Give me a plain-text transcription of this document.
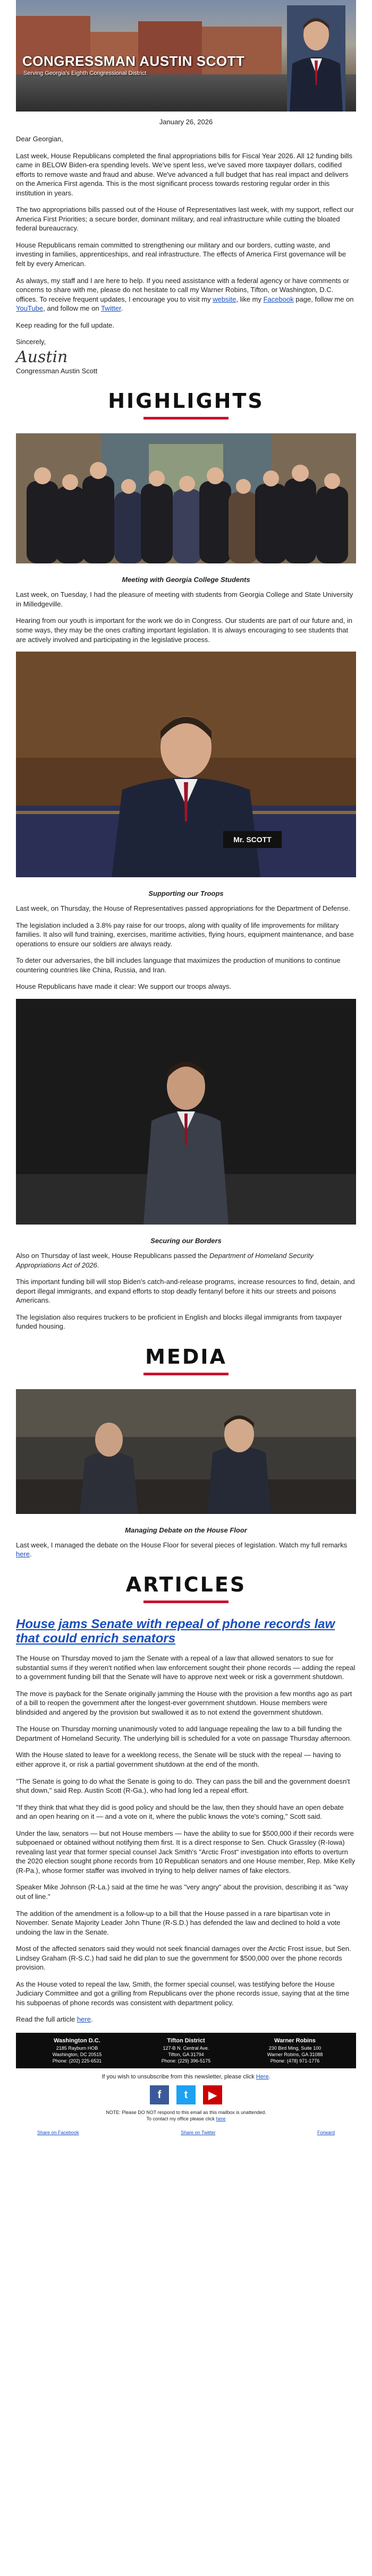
CONGRESSMAN AUSTIN SCOTT
Serving Georgia's Eighth Congressional District
January 26, 2026

Dear Georgian,

Last week, House Republicans completed the final appropriations bills for Fiscal Year 2026. All 12 funding bills came in BELOW Biden-era spending levels. We've spent less, we've saved more taxpayer dollars, codified efforts to remove waste and fraud and abuse. We've advanced a full budget that has real impact and delivers on the America First agenda. This is the most significant process towards restoring regular order in this institution in years.

The two appropriations bills passed out of the House of Representatives last week, with my support, reflect our America First Priorities; a secure border, dominant military, and real infrastructure while cutting the bloated federal bureaucracy.

House Republicans remain committed to strengthening our military and our borders, cutting waste, and investing in families, apprenticeships, and real infrastructure. The effects of America First governance will be felt by every American.

As always, my staff and I are here to help. If you need assistance with a federal agency or have comments or concerns to share with me, please do not hesitate to call my Warner Robins, Tifton, or Washington, D.C. offices. To receive frequent updates, I encourage you to visit my website, like my Facebook page, follow me on YouTube, and follow me on Twitter.

Keep reading for the full update.

Sincerely,

Austin

Congressman Austin Scott

HIGHLIGHTS
Meeting with Georgia College Students

Last week, on Tuesday, I had the pleasure of meeting with students from Georgia College and State University in Milledgeville.

Hearing from our youth is important for the work we do in Congress. Our students are part of our future and, in some ways, they may be the ones crafting important legislation. It is always encouraging to see students that are actively involved and participating in the legislative process.

Mr. SCOTT
Supporting our Troops

Last week, on Thursday, the House of Representatives passed appropriations for the Department of Defense.

The legislation included a 3.8% pay raise for our troops, along with quality of life improvements for military families. It also will fund training, exercises, maritime activities, flying hours, equipment maintenance, and base operations to ensure our soldiers are always ready.

To deter our adversaries, the bill includes language that maximizes the production of munitions to continue countering countries like China, Russia, and Iran.

House Republicans have made it clear: We support our troops always.

Securing our Borders

Also on Thursday of last week, House Republicans passed the Department of Homeland Security Appropriations Act of 2026.

This important funding bill will stop Biden's catch-and-release programs, increase resources to find, detain, and deport illegal immigrants, and expand efforts to stop deadly fentanyl before it hits our streets and poisons Americans.

The legislation also requires truckers to be proficient in English and blocks illegal immigrants from taxpayer funded housing.

MEDIA
Managing Debate on the House Floor

Last week, I managed the debate on the House Floor for several pieces of legislation. Watch my full remarks here.

ARTICLES
House jams Senate with repeal of phone records law that could enrich senators

The House on Thursday moved to jam the Senate with a repeal of a law that allowed senators to sue for substantial sums if they weren't notified when law enforcement sought their phone records — adding the repeal to a government funding bill that the Senate will have to approve next week or risk a government shutdown.

The move is payback for the Senate originally jamming the House with the provision a few months ago as part of a bill to reopen the government after the longest-ever government shutdown. House members were blindsided and angered by the provision but swallowed it as to not extend the government shutdown.

The House on Thursday morning unanimously voted to add language repealing the law to a bill funding the Department of Homeland Security. The underlying bill is scheduled for a vote on passage Thursday afternoon.

With the House slated to leave for a weeklong recess, the Senate will be stuck with the repeal — having to either approve it, or risk a partial government shutdown at the end of the month.

"The Senate is going to do what the Senate is going to do. They can pass the bill and the government doesn't shut down," said Rep. Austin Scott (R-Ga.), who had long led a repeal effort.

"If they think that what they did is good policy and should be the law, then they should have an open debate and an open hearing on it — and a vote on it, where the public knows the vote's coming," Scott said.

Under the law, senators — but not House members — have the ability to sue for $500,000 if their records were subpoenaed or obtained without notifying them first. It is a direct response to Sen. Chuck Grassley (R-Iowa) revealing last year that former special counsel Jack Smith's "Arctic Frost" investigation into efforts to overturn the 2020 election sought phone records from 10 Republican senators and one House member, Rep. Mike Kelly (R-Pa.), whose former staffer was involved in trying to help deliver names of fake electors.

Speaker Mike Johnson (R-La.) said at the time he was "very angry" about the provision, describing it as "way out of line."

The addition of the amendment is a follow-up to a bill that the House passed in a rare bipartisan vote in November. Senate Majority Leader John Thune (R-S.D.) has defended the law and declined to hold a vote undoing the law in the Senate.

Most of the affected senators said they would not seek financial damages over the Arctic Frost issue, but Sen. Lindsey Graham (R-S.C.) had said he did plan to sue the government for $500,000 over the phone records provision.

As the House voted to repeal the law, Smith, the former special counsel, was testifying before the House Judiciary Committee and got a grilling from Republicans over the phone records issue, saying that at the time his subpoenas of phone records was consistent with department policy.

Read the full article here.

Washington D.C.
2185 Rayburn HOB
Washington, DC 20515
Phone: (202) 225-6531
Tifton District
127-B N. Central Ave.
Tifton, GA 31794
Phone: (229) 396-5175
Warner Robins
230 Bird Ming, Suite 100
Warner Robins, GA 31088
Phone: (478) 971-1776
If you wish to unsubscribe from this newsletter, please click Here.
f	t	▶
NOTE: Please DO NOT respond to this email as this mailbox is unattended.
To contact my office please click here
Share on Facebook	Share on Twitter	Forward
